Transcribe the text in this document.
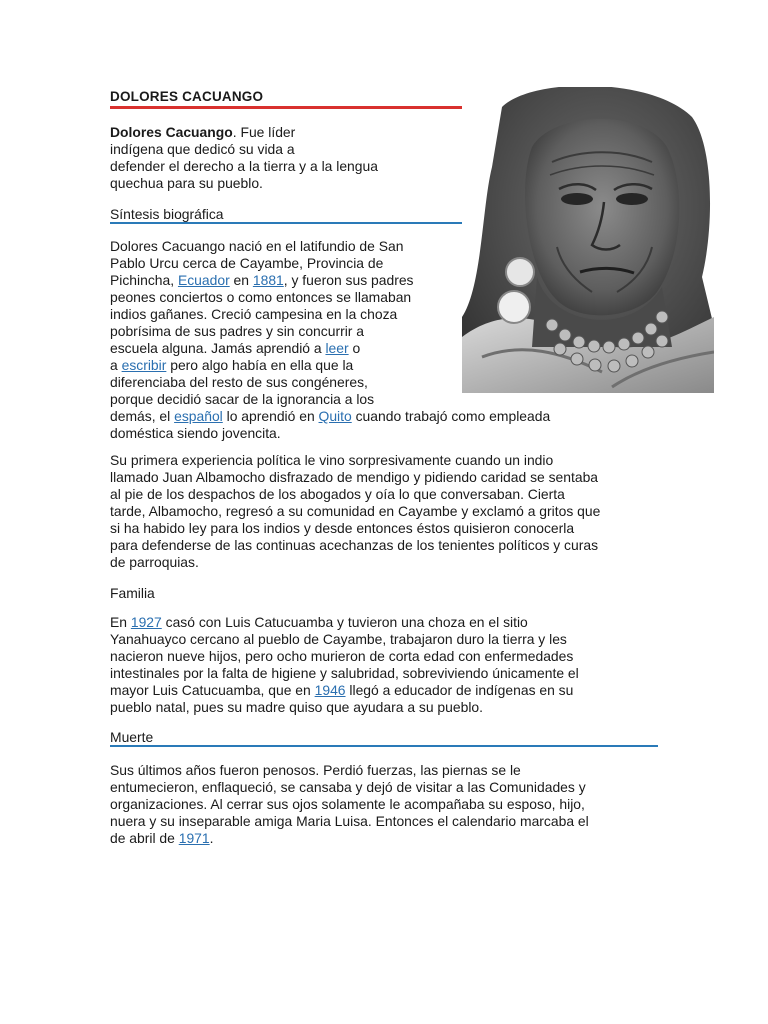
DOLORES CACUANGO
Dolores Cacuango. Fue líder
indígena que dedicó su vida a
defender el derecho a la tierra y a la lengua
quechua para su pueblo.
Síntesis biográfica
Dolores Cacuango nació en el latifundio de San
Pablo Urcu cerca de Cayambe, Provincia de
Pichincha, Ecuador en 1881, y fueron sus padres
peones conciertos o como entonces se llamaban
indios gañanes. Creció campesina en la choza
pobrísima de sus padres y sin concurrir a
escuela alguna. Jamás aprendió a leer o
a escribir pero algo había en ella que la
diferenciaba del resto de sus congéneres,
porque decidió sacar de la ignorancia a los
demás, el español lo aprendió en Quito cuando trabajó como empleada
doméstica siendo jovencita.
Su primera experiencia política le vino sorpresivamente cuando un indio
llamado Juan Albamocho disfrazado de mendigo y pidiendo caridad se sentaba
al pie de los despachos de los abogados y oía lo que conversaban. Cierta
tarde, Albamocho, regresó a su comunidad en Cayambe y exclamó a gritos que
si ha habido ley para los indios y desde entonces éstos quisieron conocerla
para defenderse de las continuas acechanzas de los tenientes políticos y curas
de parroquias.
Familia
En 1927 casó con Luis Catucuamba y tuvieron una choza en el sitio
Yanahuayco cercano al pueblo de Cayambe, trabajaron duro la tierra y les
nacieron nueve hijos, pero ocho murieron de corta edad con enfermedades
intestinales por la falta de higiene y salubridad, sobreviviendo únicamente el
mayor Luis Catucuamba, que en 1946 llegó a educador de indígenas en su
pueblo natal, pues su madre quiso que ayudara a su pueblo.
Muerte
Sus últimos años fueron penosos. Perdió fuerzas, las piernas se le
entumecieron, enflaqueció, se cansaba y dejó de visitar a las Comunidades y
organizaciones. Al cerrar sus ojos solamente le acompañaba su esposo, hijo,
nuera y su inseparable amiga Maria Luisa. Entonces el calendario marcaba el
de abril de 1971.
